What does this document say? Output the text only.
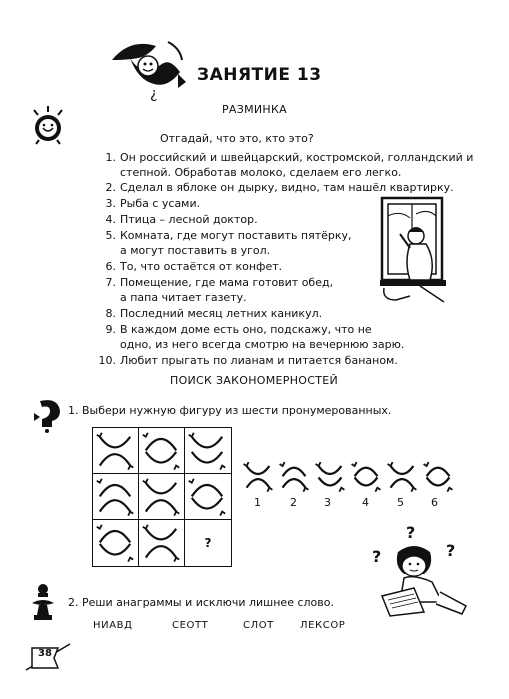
¿
ЗАНЯТИЕ 13
РАЗМИНКА
Отгадай, что это, кто это?
1. Он российский и швейцарский, костромской, голландский и
степной. Обработав молоко, сделаем его легко.
2. Сделал в яблоке он дырку, видно, там нашёл квартирку.
3. Рыба с усами.
4. Птица – лесной доктор.
5. Комната, где могут поставить пятёрку,
а могут поставить в угол.
6. То, что остаётся от конфет.
7. Помещение, где мама готовит обед,
а папа читает газету.
8. Последний месяц летних каникул.
9. В каждом доме есть оно, подскажу, что не
одно, из него всегда смотрю на вечернюю зарю.
10. Любит прыгать по лианам и питается бананом.
ПОИСК ЗАКОНОМЕРНОСТЕЙ
1. Выбери нужную фигуру из шести пронумерованных.
?
1	2 3	4	5 6
?
?
?
2. Реши анаграммы и исключи лишнее слово.
НИАВД	СЕОТТ	СЛОТ	ЛЕКСОР
38
